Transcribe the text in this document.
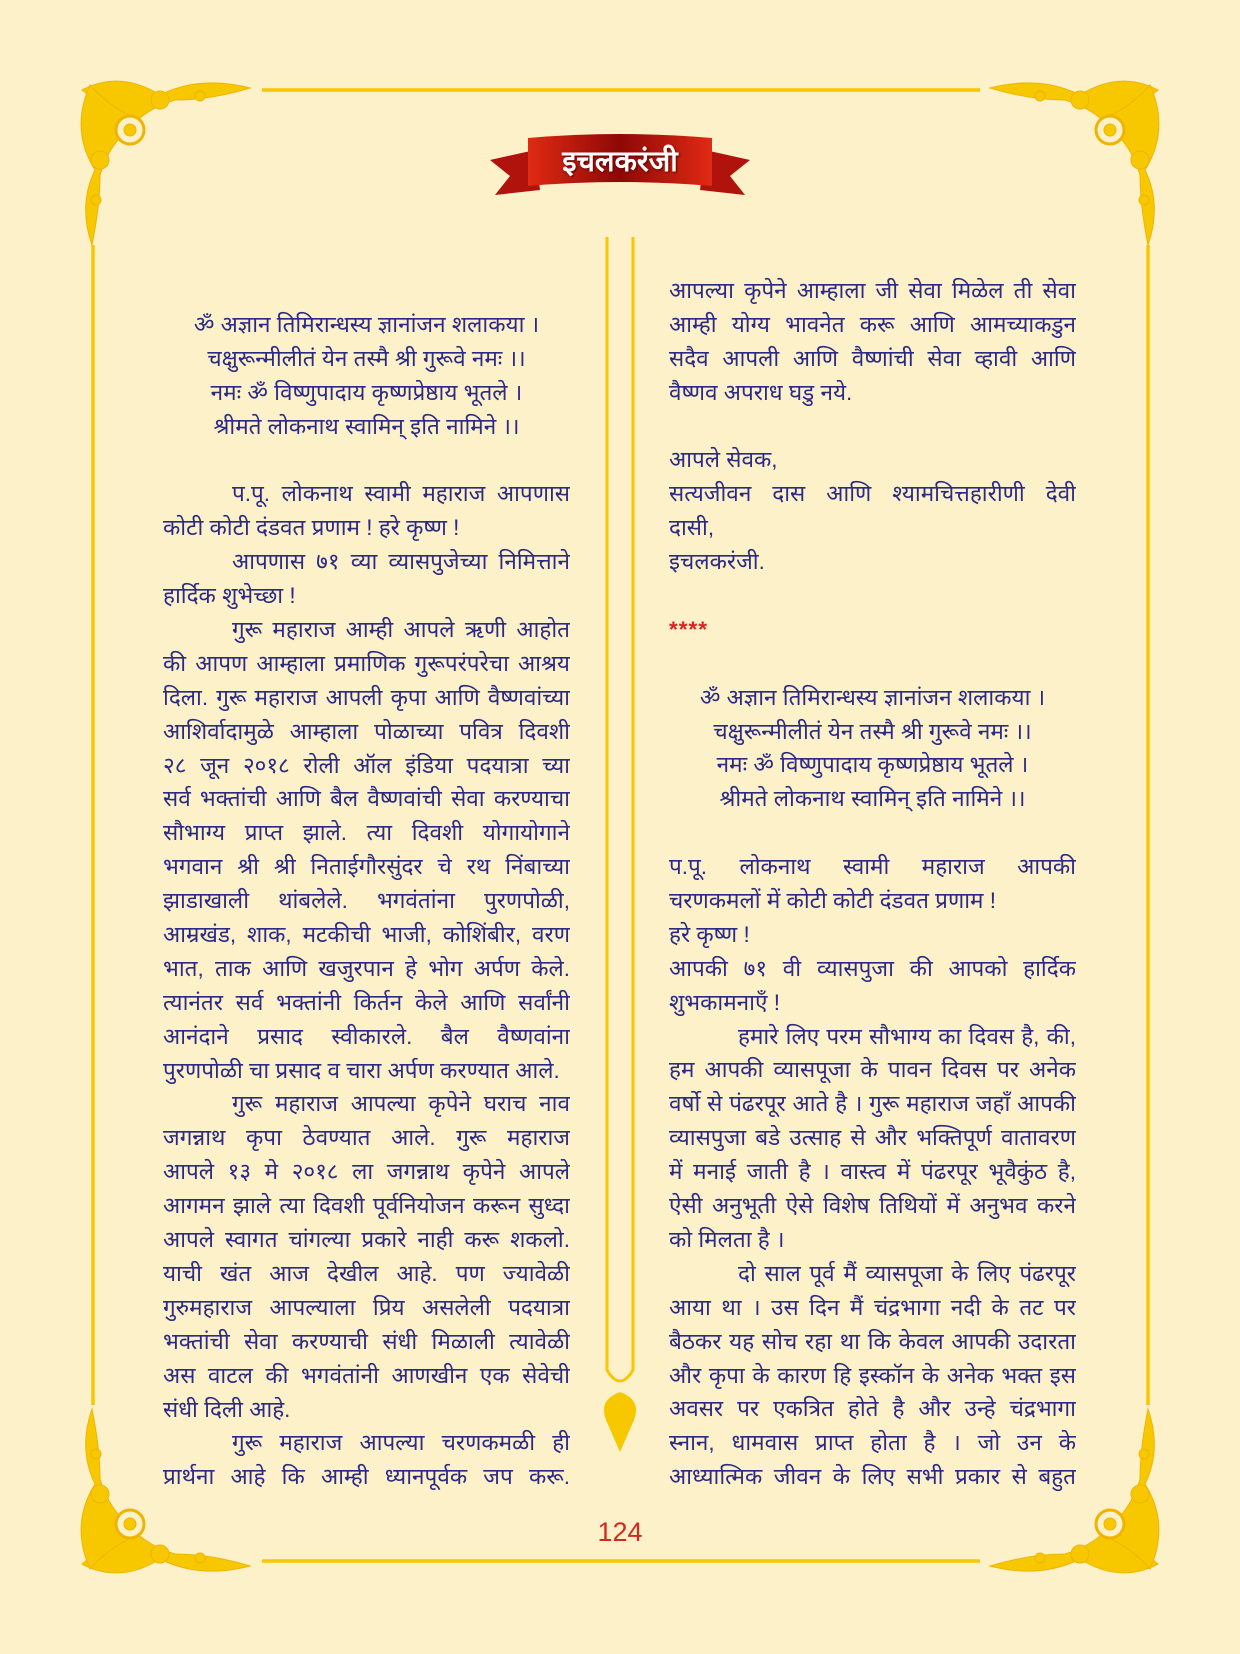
इचलकरंजी
ॐ अज्ञान तिमिरान्धस्य ज्ञानांजन शलाकया ।
चक्षुरून्मीलीतं येन तस्मै श्री गुरूवे नमः ।।
नमः ॐ विष्णुपादाय कृष्णप्रेष्ठाय भूतले ।
श्रीमते लोकनाथ स्वामिन् इति नामिने ।।
प.पू. लोकनाथ स्वामी महाराज आपणास
कोटी कोटी दंडवत प्रणाम ! हरे कृष्ण !
आपणास ७१ व्या व्यासपुजेच्या निमित्ताने
हार्दिक शुभेच्छा !
गुरू महाराज आम्ही आपले ऋणी आहोत
की आपण आम्हाला प्रमाणिक गुरूपरंपरेचा आश्रय
दिला. गुरू महाराज आपली कृपा आणि वैष्णवांच्या
आशिर्वादामुळे आम्हाला पोळाच्या पवित्र दिवशी
२८ जून २०१८ रोली ऑल इंडिया पदयात्रा च्या
सर्व भक्तांची आणि बैल वैष्णवांची सेवा करण्याचा
सौभाग्य प्राप्त झाले. त्या दिवशी योगायोगाने
भगवान श्री श्री निताईगौरसुंदर चे रथ निंबाच्या
झाडाखाली थांबलेले. भगवंतांना पुरणपोळी,
आम्रखंड, शाक, मटकीची भाजी, कोशिंबीर, वरण
भात, ताक आणि खजुरपान हे भोग अर्पण केले.
त्यानंतर सर्व भक्तांनी किर्तन केले आणि सर्वांनी
आनंदाने प्रसाद स्वीकारले. बैल वैष्णवांना
पुरणपोळी चा प्रसाद व चारा अर्पण करण्यात आले.
गुरू महाराज आपल्या कृपेने घराच नाव
जगन्नाथ कृपा ठेवण्यात आले. गुरू महाराज
आपले १३ मे २०१८ ला जगन्नाथ कृपेने आपले
आगमन झाले त्या दिवशी पूर्वनियोजन करून सुध्दा
आपले स्वागत चांगल्या प्रकारे नाही करू शकलो.
याची खंत आज देखील आहे. पण ज्यावेळी
गुरुमहाराज आपल्याला प्रिय असलेली पदयात्रा
भक्तांची सेवा करण्याची संधी मिळाली त्यावेळी
अस वाटल की भगवंतांनी आणखीन एक सेवेची
संधी दिली आहे.
गुरू महाराज आपल्या चरणकमळी ही
प्रार्थना आहे कि आम्ही ध्यानपूर्वक जप करू.
आपल्या कृपेने आम्हाला जी सेवा मिळेल ती सेवा
आम्ही योग्य भावनेत करू आणि आमच्याकडुन
सदैव आपली आणि वैष्णांची सेवा व्हावी आणि
वैष्णव अपराध घडु नये.
आपले सेवक,
सत्यजीवन दास आणि श्यामचित्तहारीणी देवी
दासी,
इचलकरंजी.
****
ॐ अज्ञान तिमिरान्धस्य ज्ञानांजन शलाकया ।
चक्षुरून्मीलीतं येन तस्मै श्री गुरूवे नमः ।।
नमः ॐ विष्णुपादाय कृष्णप्रेष्ठाय भूतले ।
श्रीमते लोकनाथ स्वामिन् इति नामिने ।।
प.पू. लोकनाथ स्वामी महाराज आपकी
चरणकमलों में कोटी कोटी दंडवत प्रणाम !
हरे कृष्ण !
आपकी ७१ वी व्यासपुजा की आपको हार्दिक
शुभकामनाएँ !
हमारे लिए परम सौभाग्य का दिवस है, की,
हम आपकी व्यासपूजा के पावन दिवस पर अनेक
वर्षो से पंढरपूर आते है । गुरू महाराज जहाँ आपकी
व्यासपुजा बडे उत्साह से और भक्तिपूर्ण वातावरण
में मनाई जाती है । वास्त्व में पंढरपूर भूवैकुंठ है,
ऐसी अनुभूती ऐसे विशेष तिथियों में अनुभव करने
को मिलता है ।
दो साल पूर्व मैं व्यासपूजा के लिए पंढरपूर
आया था । उस दिन मैं चंद्रभागा नदी के तट पर
बैठकर यह सोच रहा था कि केवल आपकी उदारता
और कृपा के कारण हि इस्कॉन के अनेक भक्त इस
अवसर पर एकत्रित होते है और उन्हे चंद्रभागा
स्नान, धामवास प्राप्त होता है । जो उन के
आध्यात्मिक जीवन के लिए सभी प्रकार से बहुत
124
